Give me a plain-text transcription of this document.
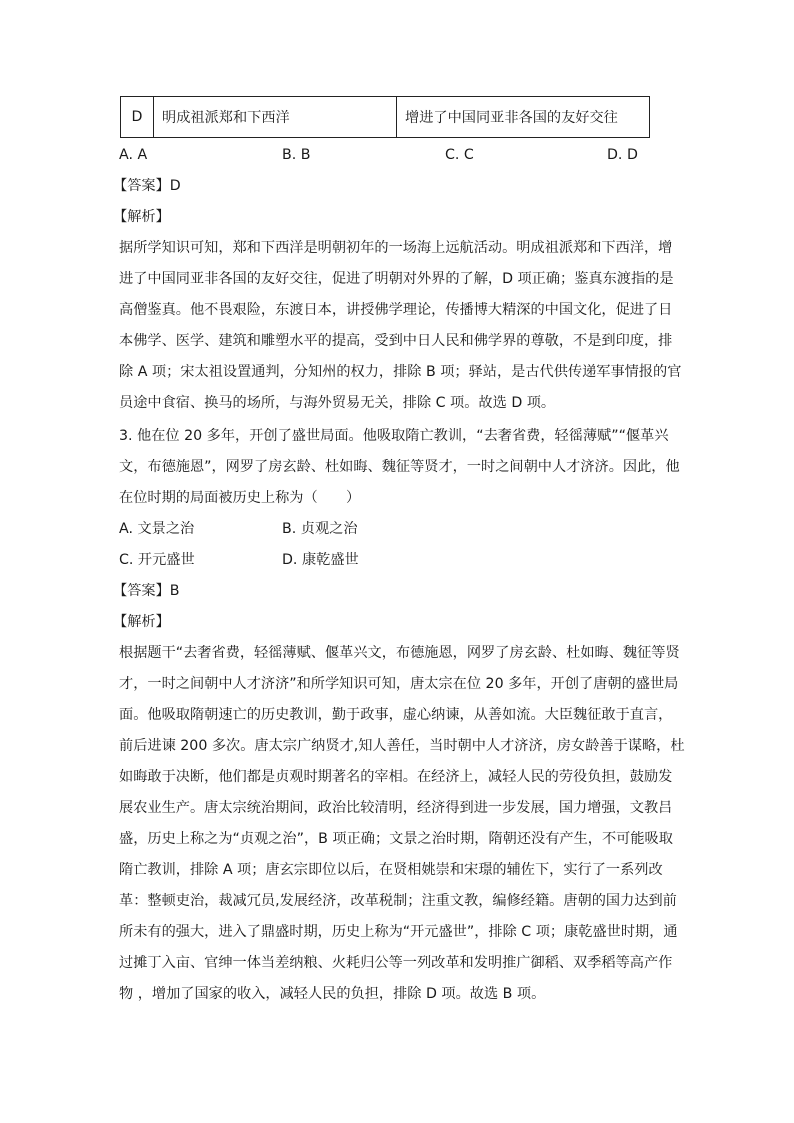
D	明成祖派郑和下西洋	增进了中国同亚非各国的友好交往
A. A	B. B	C. C	D. D
【答案】D
【解析】
据所学知识可知，郑和下西洋是明朝初年的一场海上远航活动。明成祖派郑和下西洋，增
进了中国同亚非各国的友好交往，促进了明朝对外界的了解，D 项正确；鉴真东渡指的是
高僧鉴真。他不畏艰险，东渡日本，讲授佛学理论，传播博大精深的中国文化，促进了日
本佛学、医学、建筑和雕塑水平的提高，受到中日人民和佛学界的尊敬，不是到印度，排
除 A 项；宋太祖设置通判，分知州的权力，排除 B 项；驿站，是古代供传递军事情报的官
员途中食宿、换马的场所，与海外贸易无关，排除 C 项。故选 D 项。
3. 他在位 20 多年，开创了盛世局面。他吸取隋亡教训，“去奢省费，轻徭薄赋”“偃革兴
文，布德施恩”，网罗了房玄龄、杜如晦、魏征等贤才，一时之间朝中人才济济。因此，他
在位时期的局面被历史上称为（　　）
A. 文景之治	B. 贞观之治
C. 开元盛世	D. 康乾盛世
【答案】B
【解析】
根据题干“去奢省费，轻徭薄赋、偃革兴文，布德施恩，网罗了房玄龄、杜如晦、魏征等贤
才，一时之间朝中人才济济”和所学知识可知，唐太宗在位 20 多年，开创了唐朝的盛世局
面。他吸取隋朝速亡的历史教训，勤于政事，虚心纳谏，从善如流。大臣魏征敢于直言，
前后进谏 200 多次。唐太宗广纳贤才,知人善任，当时朝中人才济济，房女龄善于谋略，杜
如晦敢于决断，他们都是贞观时期著名的宰相。在经济上，减轻人民的劳役负担，鼓励发
展农业生产。唐太宗统治期间，政治比较清明，经济得到进一步发展，国力增强，文教吕
盛，历史上称之为“贞观之治”，B 项正确；文景之治时期，隋朝还没有产生，不可能吸取
隋亡教训，排除 A 项；唐玄宗即位以后，在贤相姚崇和宋璟的辅佐下，实行了一系列改
革：整顿吏治，裁减冗员,发展经济，改革税制；注重文教，编修经籍。唐朝的国力达到前
所未有的强大，进入了鼎盛时期，历史上称为“开元盛世”，排除 C 项；康乾盛世时期，通
过摊丁入亩、官绅一体当差纳粮、火耗归公等一列改革和发明推广御稻、双季稻等高产作
物 ，增加了国家的收入，减轻人民的负担，排除 D 项。故选 B 项。
